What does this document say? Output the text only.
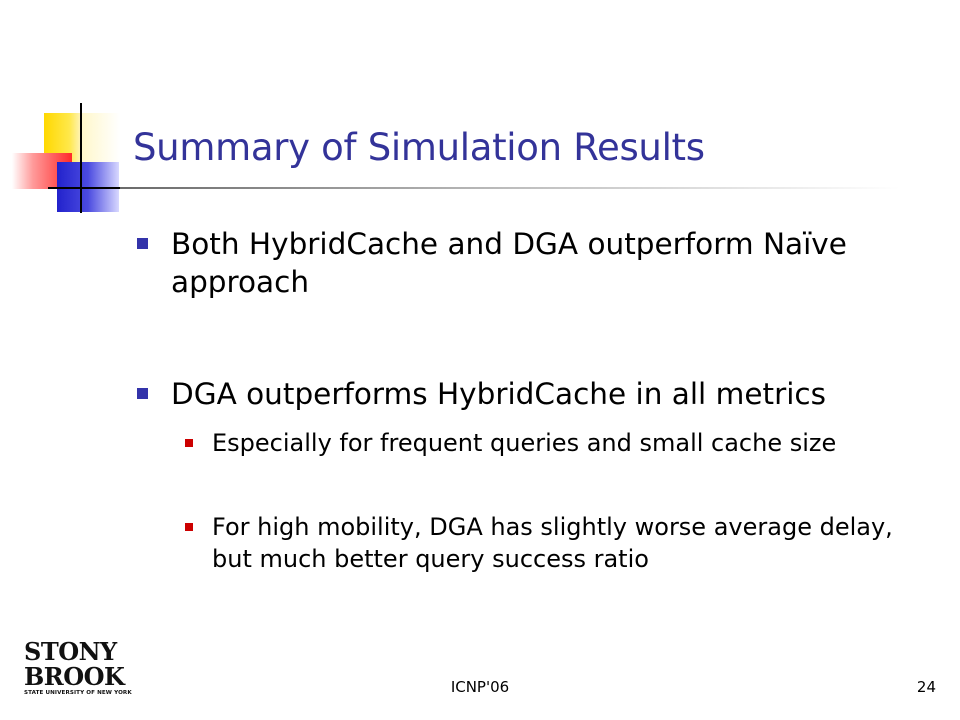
Summary of Simulation Results
Both HybridCache and DGA outperform Naïve approach
DGA outperforms HybridCache in all metrics
Especially for frequent queries and small cache size
For high mobility, DGA has slightly worse average delay, but much better query success ratio
STONY
BROOK
STATE UNIVERSITY OF NEW YORK	ICNP'06	24
